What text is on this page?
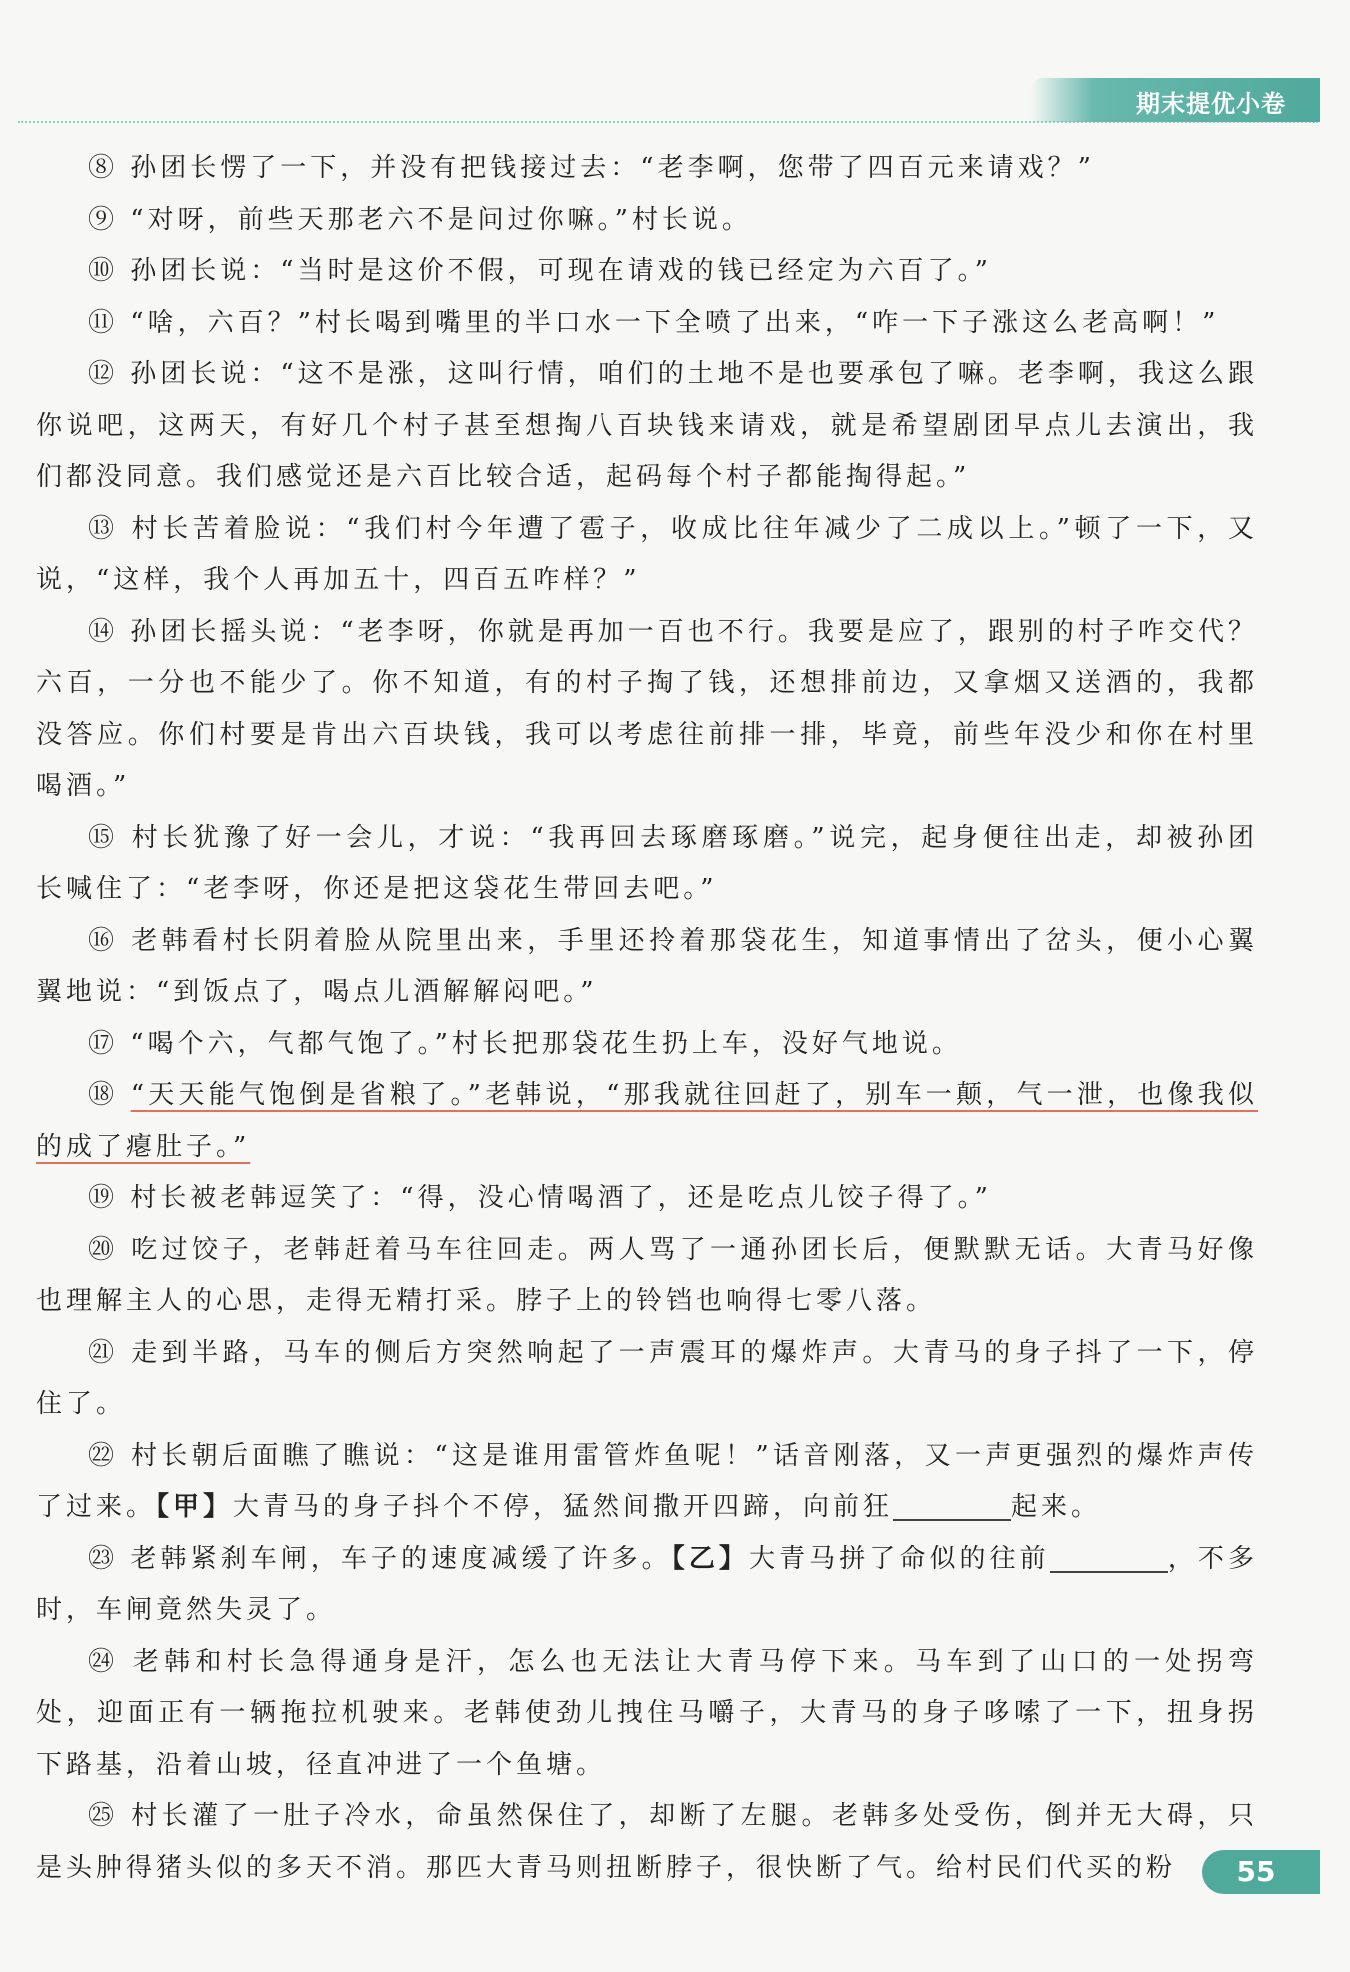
期末提优小卷

⑧ 孙团长愣了一下，并没有把钱接过去：“老李啊，您带了四百元来请戏？”

⑨ “对呀，前些天那老六不是问过你嘛。”村长说。

⑩ 孙团长说：“当时是这价不假，可现在请戏的钱已经定为六百了。”

⑪ “啥，六百？”村长喝到嘴里的半口水一下全喷了出来，“咋一下子涨这么老高啊！”

⑫ 孙团长说：“这不是涨，这叫行情，咱们的土地不是也要承包了嘛。老李啊，我这么跟你说吧，这两天，有好几个村子甚至想掏八百块钱来请戏，就是希望剧团早点儿去演出，我们都没同意。我们感觉还是六百比较合适，起码每个村子都能掏得起。”

⑬ 村长苦着脸说：“我们村今年遭了雹子，收成比往年减少了二成以上。”顿了一下，又说，“这样，我个人再加五十，四百五咋样？”

⑭ 孙团长摇头说：“老李呀，你就是再加一百也不行。我要是应了，跟别的村子咋交代？六百，一分也不能少了。你不知道，有的村子掏了钱，还想排前边，又拿烟又送酒的，我都没答应。你们村要是肯出六百块钱，我可以考虑往前排一排，毕竟，前些年没少和你在村里喝酒。”

⑮ 村长犹豫了好一会儿，才说：“我再回去琢磨琢磨。”说完，起身便往出走，却被孙团长喊住了：“老李呀，你还是把这袋花生带回去吧。”

⑯ 老韩看村长阴着脸从院里出来，手里还拎着那袋花生，知道事情出了岔头，便小心翼翼地说：“到饭点了，喝点儿酒解解闷吧。”

⑰ “喝个六，气都气饱了。”村长把那袋花生扔上车，没好气地说。

⑱ “天天能气饱倒是省粮了。”老韩说，“那我就往回赶了，别车一颠，气一泄，也像我似的成了瘪肚子。”

⑲ 村长被老韩逗笑了：“得，没心情喝酒了，还是吃点儿饺子得了。”

⑳ 吃过饺子，老韩赶着马车往回走。两人骂了一通孙团长后，便默默无话。大青马好像也理解主人的心思，走得无精打采。脖子上的铃铛也响得七零八落。

㉑ 走到半路，马车的侧后方突然响起了一声震耳的爆炸声。大青马的身子抖了一下，停住了。

㉒ 村长朝后面瞧了瞧说：“这是谁用雷管炸鱼呢！”话音刚落，又一声更强烈的爆炸声传了过来。【甲】大青马的身子抖个不停，猛然间撒开四蹄，向前狂	起来。

㉓ 老韩紧刹车闸，车子的速度减缓了许多。【乙】大青马拼了命似的往前	，不多时，车闸竟然失灵了。

㉔ 老韩和村长急得通身是汗，怎么也无法让大青马停下来。马车到了山口的一处拐弯处，迎面正有一辆拖拉机驶来。老韩使劲儿拽住马嚼子，大青马的身子哆嗦了一下，扭身拐下路基，沿着山坡，径直冲进了一个鱼塘。

㉕ 村长灌了一肚子冷水，命虽然保住了，却断了左腿。老韩多处受伤，倒并无大碍，只是头肿得猪头似的多天不消。那匹大青马则扭断脖子，很快断了气。给村民们代买的粉	55
